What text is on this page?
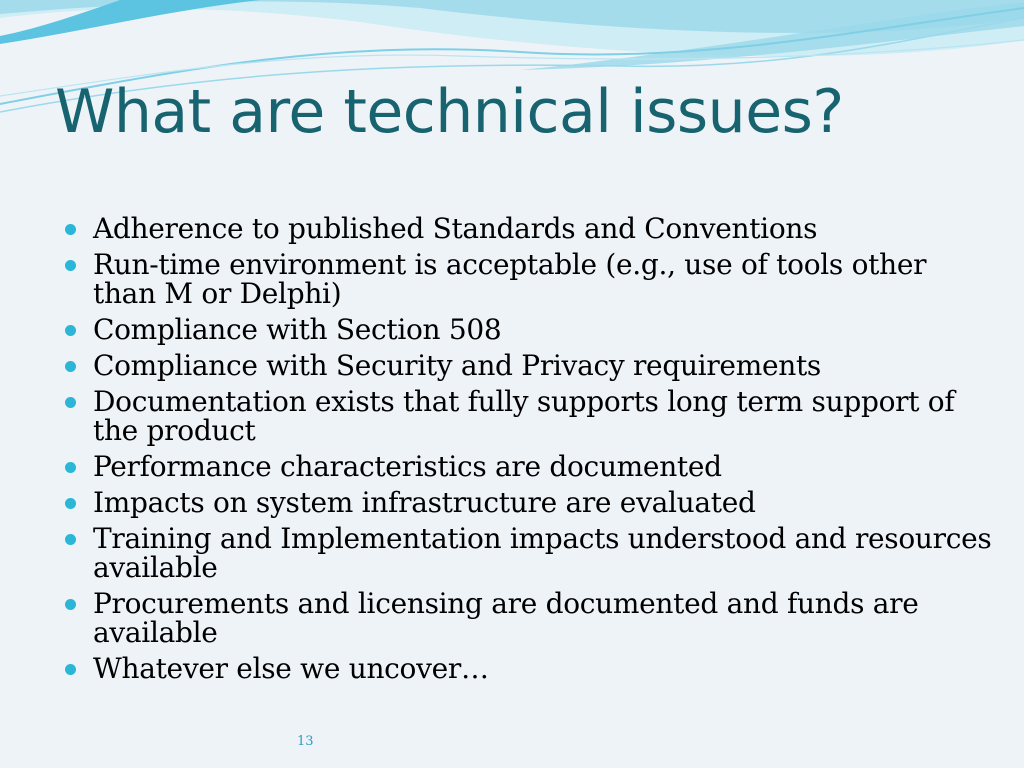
What are technical issues?
Adherence to published Standards and Conventions
Run-time environment is acceptable (e.g., use of tools other than M or Delphi)
Compliance with Section 508
Compliance with Security and Privacy requirements
Documentation exists that fully supports long term support of the product
Performance characteristics are documented
Impacts on system infrastructure are evaluated
Training and Implementation impacts understood and resources available
Procurements and licensing are documented and funds are available
Whatever else we uncover…
13
